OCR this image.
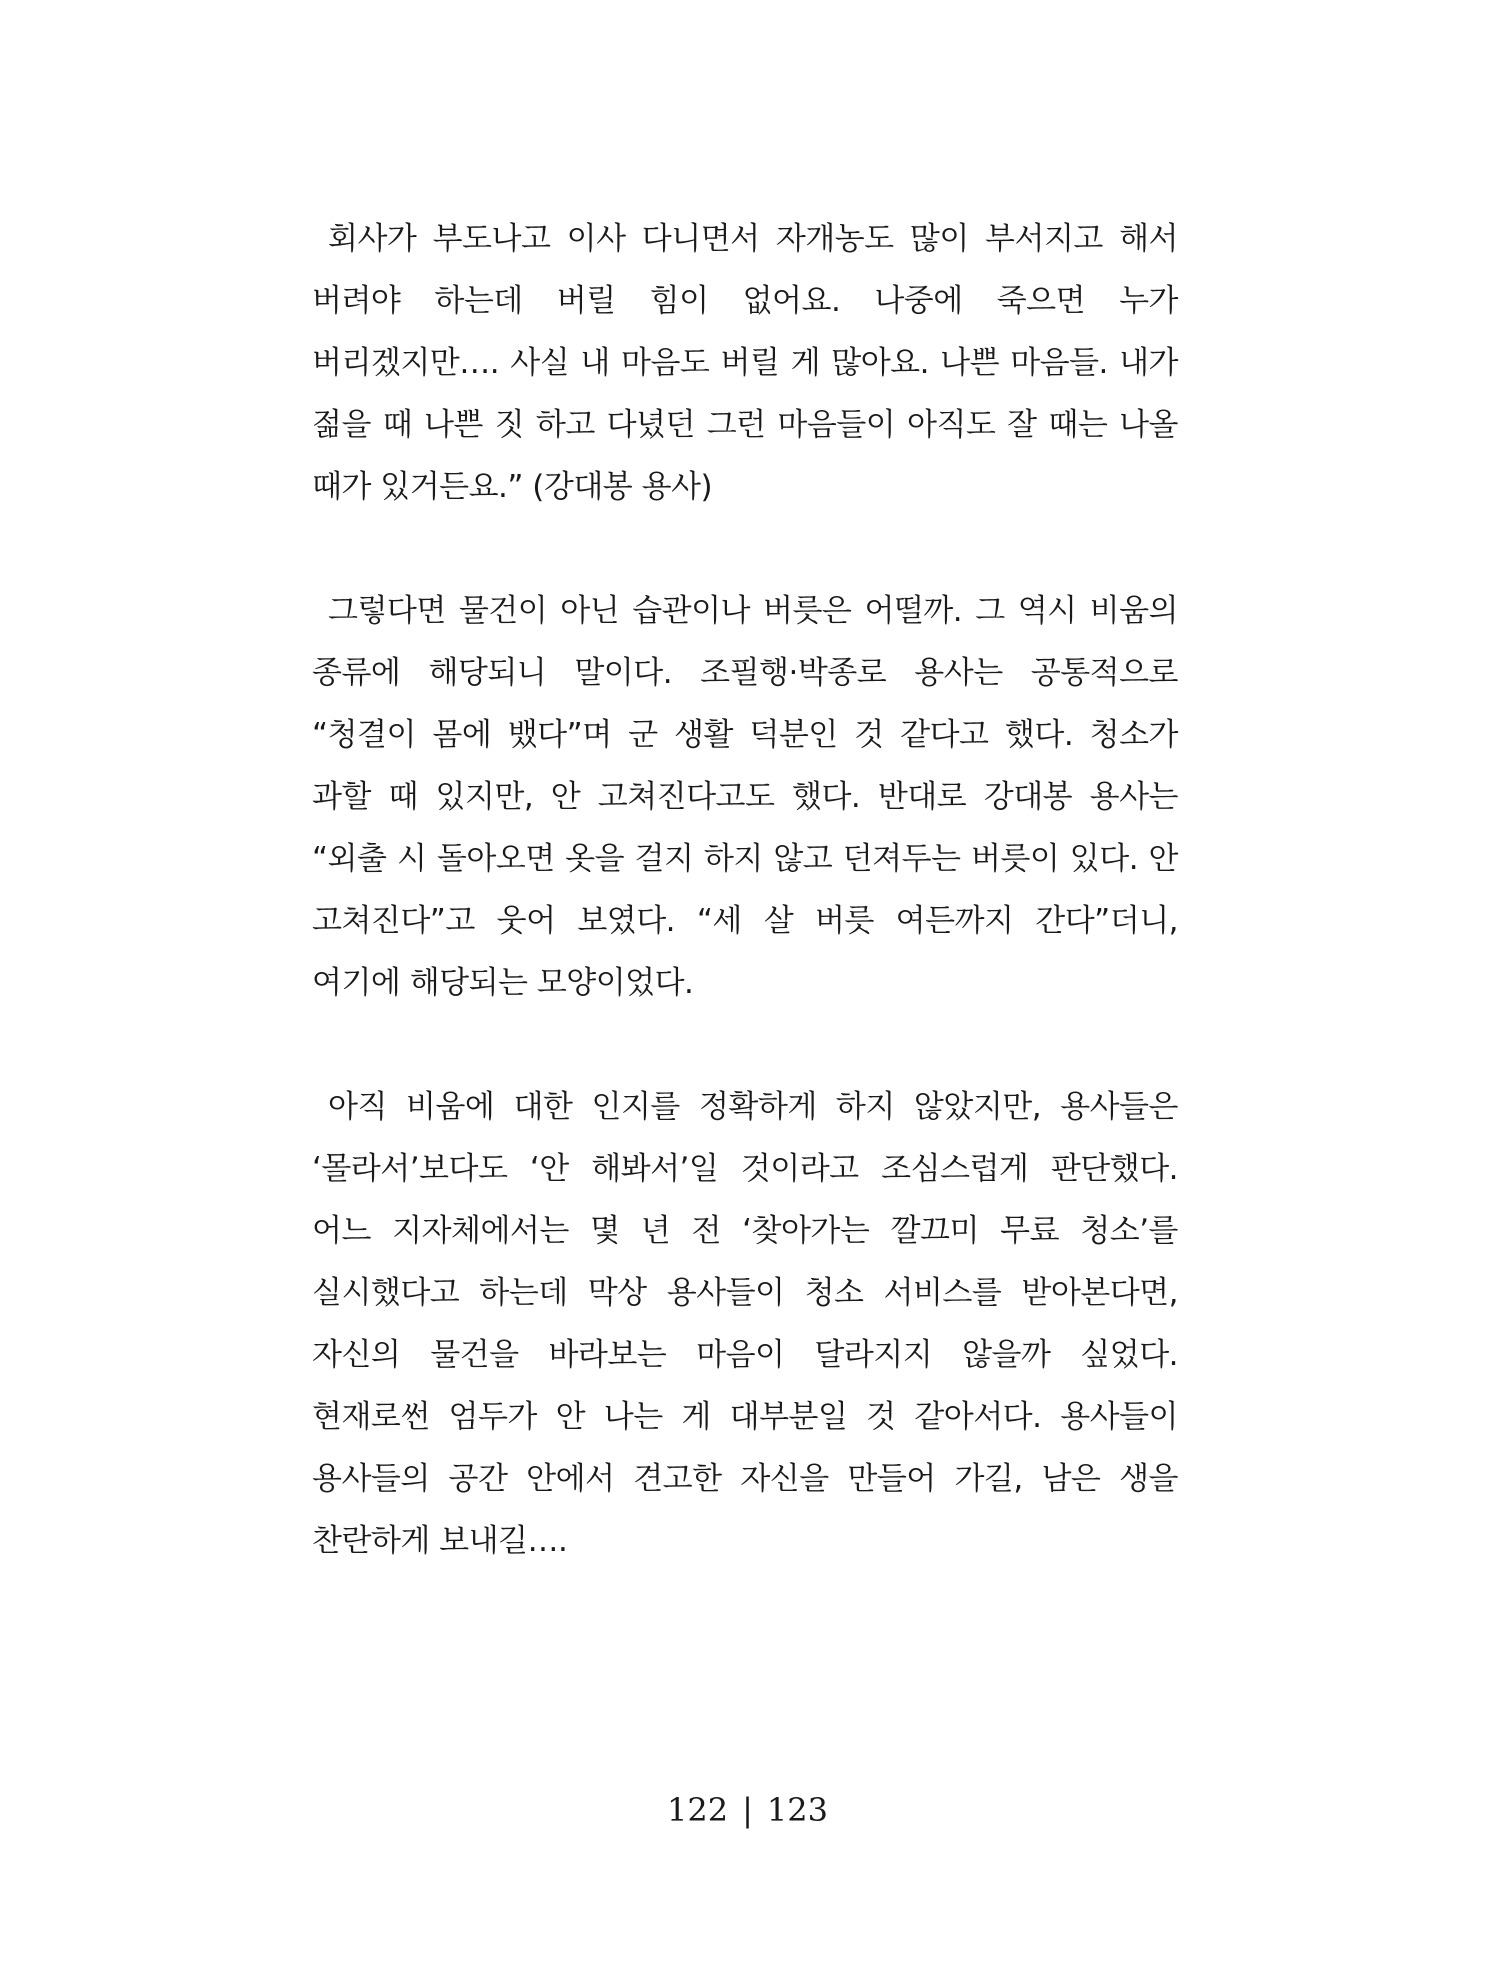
회사가 부도나고 이사 다니면서 자개농도 많이 부서지고 해서 버려야 하는데 버릴 힘이 없어요. 나중에 죽으면 누가 버리겠지만…. 사실 내 마음도 버릴 게 많아요. 나쁜 마음들. 내가 젊을 때 나쁜 짓 하고 다녔던 그런 마음들이 아직도 잘 때는 나올 때가 있거든요.” (강대봉 용사)

그렇다면 물건이 아닌 습관이나 버릇은 어떨까. 그 역시 비움의 종류에 해당되니 말이다. 조필행·박종로 용사는 공통적으로 “청결이 몸에 뱄다”며 군 생활 덕분인 것 같다고 했다. 청소가 과할 때 있지만, 안 고쳐진다고도 했다. 반대로 강대봉 용사는 “외출 시 돌아오면 옷을 걸지 하지 않고 던져두는 버릇이 있다. 안 고쳐진다”고 웃어 보였다. “세 살 버릇 여든까지 간다”더니, 여기에 해당되는 모양이었다.

아직 비움에 대한 인지를 정확하게 하지 않았지만, 용사들은 ‘몰라서’보다도 ‘안 해봐서’일 것이라고 조심스럽게 판단했다. 어느 지자체에서는 몇 년 전 ‘찾아가는 깔끄미 무료 청소’를 실시했다고 하는데 막상 용사들이 청소 서비스를 받아본다면, 자신의 물건을 바라보는 마음이 달라지지 않을까 싶었다. 현재로썬 엄두가 안 나는 게 대부분일 것 같아서다. 용사들이 용사들의 공간 안에서 견고한 자신을 만들어 가길, 남은 생을 찬란하게 보내길….

122 | 123
